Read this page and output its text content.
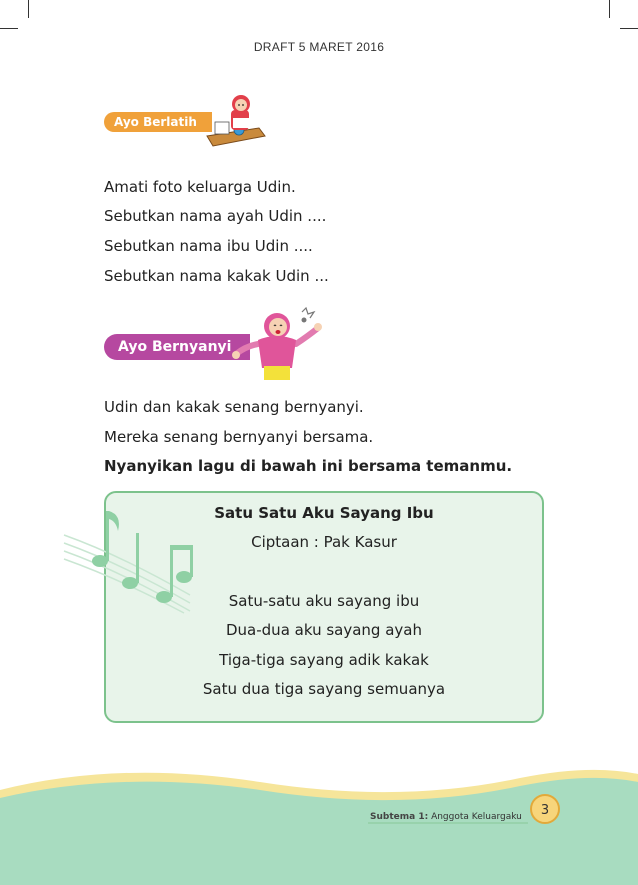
DRAFT 5 MARET 2016
Ayo Berlatih
Amati foto keluarga Udin.
Sebutkan nama ayah Udin ....
Sebutkan nama ibu Udin ....
Sebutkan nama kakak Udin ...
Ayo Bernyanyi
Udin dan kakak senang bernyanyi.
Mereka senang bernyanyi bersama.
Nyanyikan lagu di bawah ini bersama temanmu.
Satu Satu Aku Sayang Ibu
Ciptaan : Pak Kasur
Satu-satu aku sayang ibu
Dua-dua aku sayang ayah
Tiga-tiga sayang adik kakak
Satu dua tiga sayang semuanya
Subtema 1: Anggota Keluargaku	3
